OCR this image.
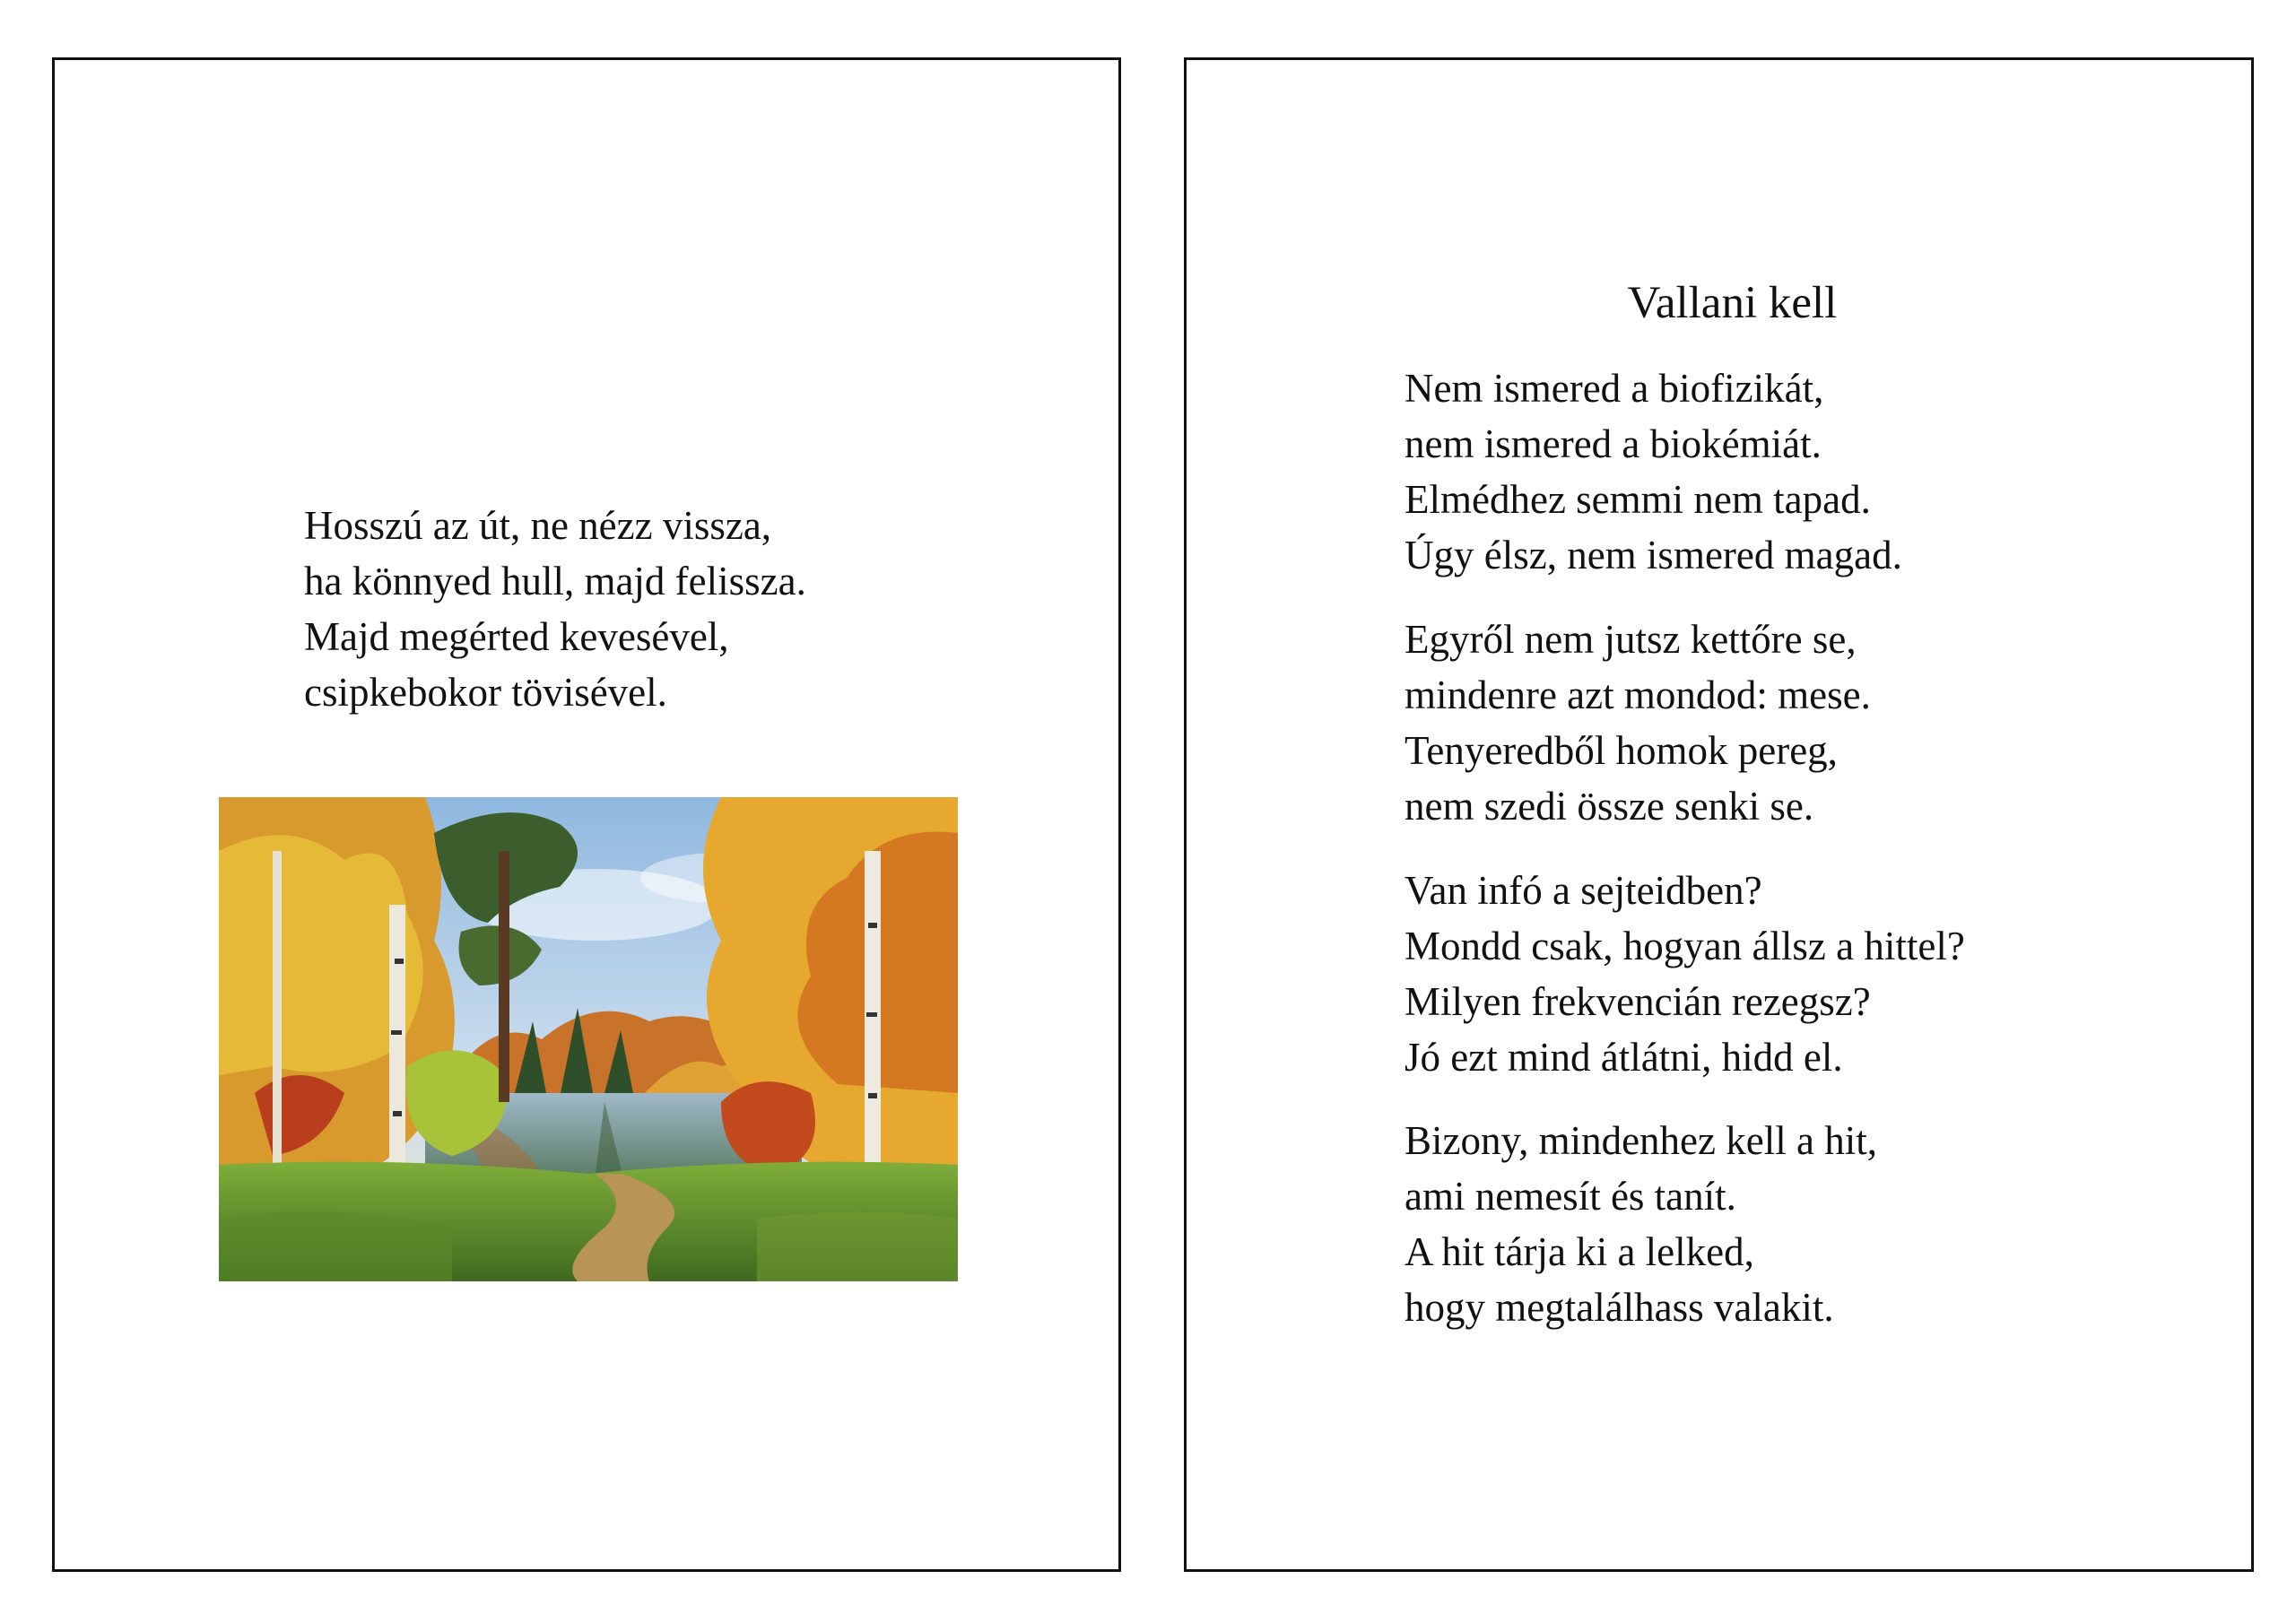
Hosszú az út, ne nézz vissza,
ha könnyed hull, majd felissza.
Majd megérted kevesével,
csipkebokor tövisével.
Vallani kell
Nem ismered a biofizikát,
nem ismered a biokémiát.
Elmédhez semmi nem tapad.
Úgy élsz, nem ismered magad.
Egyről nem jutsz kettőre se,
mindenre azt mondod: mese.
Tenyeredből homok pereg,
nem szedi össze senki se.
Van infó a sejteidben?
Mondd csak, hogyan állsz a hittel?
Milyen frekvencián rezegsz?
Jó ezt mind átlátni, hidd el.
Bizony, mindenhez kell a hit,
ami nemesít és tanít.
A hit tárja ki a lelked,
hogy megtalálhass valakit.
